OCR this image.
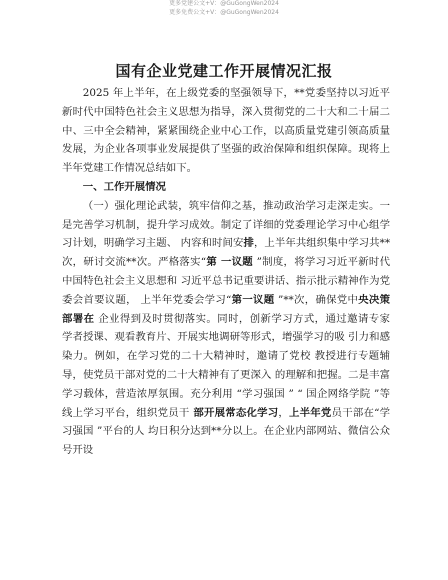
更多党建公文+V：@GuGongWen2024
更多免费公文+V：@GuGongWen2024
国有企业党建工作开展情况汇报

2025 年上半年，在上级党委的坚强领导下，**党委坚持以习近平新时代中国特色社会主义思想为指导，深入贯彻党的二十大和二十届二中、三中全会精神，紧紧围绕企业中心工作，以高质量党建引领高质量发展，为企业各项事业发展提供了坚强的政治保障和组织保障。现将上半年党建工作情况总结如下。

一、工作开展情况

（一）强化理论武装，筑牢信仰之基，推动政治学习走深走实。一是完善学习机制，提升学习成效。制定了详细的党委理论学习中心组学习计划，明确学习主题、 内容和时间安排，上半年共组织集中学习共**次，研讨交流**次。严格落实“第 一议题 ”制度，将学习习近平新时代中国特色社会主义思想和 习近平总书记重要讲话、指示批示精神作为党委会首要议题， 上半年党委会学习“第一议题 ”**次，确保党中央决策部署在 企业得到及时贯彻落实。同时，创新学习方式，通过邀请专家 学者授课、观看教育片、开展实地调研等形式，增强学习的吸 引力和感染力。例如，在学习党的二十大精神时，邀请了党校 教授进行专题辅导，使党员干部对党的二十大精神有了更深入 的理解和把握。二是丰富学习载体，营造浓厚氛围。充分利用 “学习强国 ” “ 国企网络学院 ”等线上学习平台，组织党员干 部开展常态化学习，上半年党员干部在“学习强国 ”平台的人 均日积分达到**分以上。在企业内部网站、微信公众号开设
